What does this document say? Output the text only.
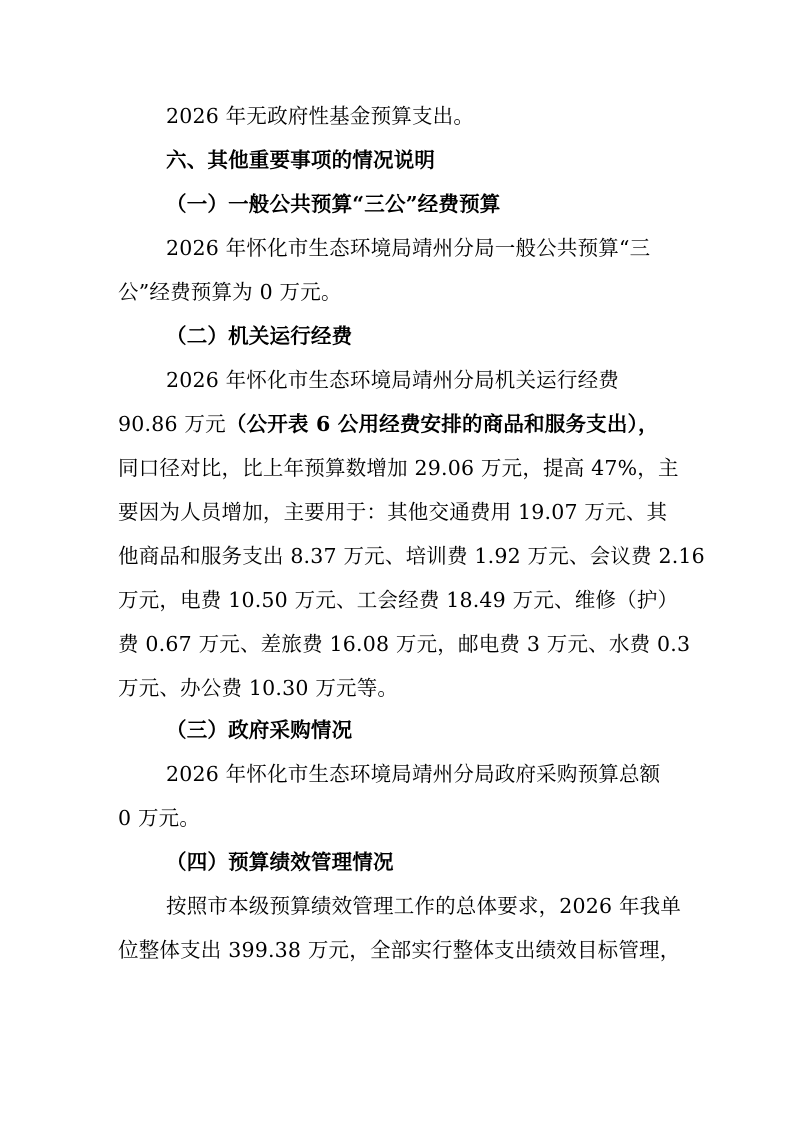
2026 年无政府性基金预算支出。
六、其他重要事项的情况说明
（一）一般公共预算“三公”经费预算
2026 年怀化市生态环境局靖州分局一般公共预算“三
公”经费预算为 0 万元。
（二）机关运行经费
2026 年怀化市生态环境局靖州分局机关运行经费
90.86 万元（公开表 6 公用经费安排的商品和服务支出），
同口径对比，比上年预算数增加 29.06 万元，提高 47%，主
要因为人员增加，主要用于：其他交通费用 19.07 万元、其
他商品和服务支出 8.37 万元、培训费 1.92 万元、会议费 2.16
万元，电费 10.50 万元、工会经费 18.49 万元、维修（护）
费 0.67 万元、差旅费 16.08 万元，邮电费 3 万元、水费 0.3
万元、办公费 10.30 万元等。
（三）政府采购情况
2026 年怀化市生态环境局靖州分局政府采购预算总额
0 万元。
（四）预算绩效管理情况
按照市本级预算绩效管理工作的总体要求，2026 年我单
位整体支出 399.38 万元，全部实行整体支出绩效目标管理，
